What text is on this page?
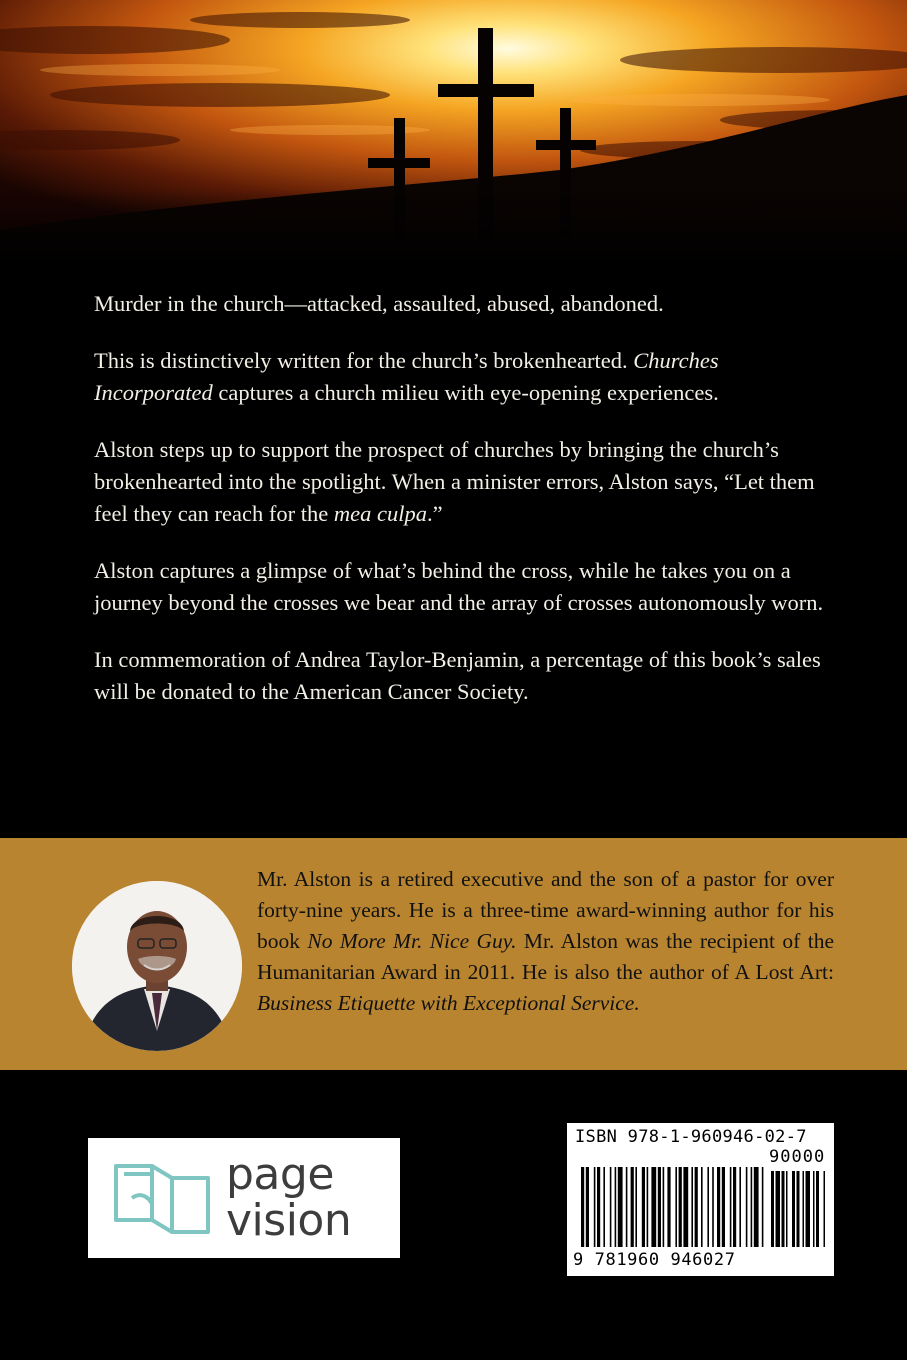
Murder in the church—attacked, assaulted, abused, abandoned.

This is distinctively written for the church’s brokenhearted. Churches Incorporated captures a church milieu with eye-opening experiences.

Alston steps up to support the prospect of churches by bringing the church’s brokenhearted into the spotlight. When a minister errors, Alston says, “Let them feel they can reach for the mea culpa.”

Alston captures a glimpse of what’s behind the cross, while he takes you on a journey beyond the crosses we bear and the array of crosses autonomously worn.

In commemoration of Andrea Taylor-Benjamin, a percentage of this book’s sales will be donated to the American Cancer Society.

Mr. Alston is a retired executive and the son of a pastor for over forty-nine years. He is a three-time award-winning author for his book No More Mr. Nice Guy. Mr. Alston was the recipient of the Humanitarian Award in 2011. He is also the author of A Lost Art: Business Etiquette with Exceptional Service.

page
vision
ISBN 978-1-960946-02-7
90000
9 781960 946027
